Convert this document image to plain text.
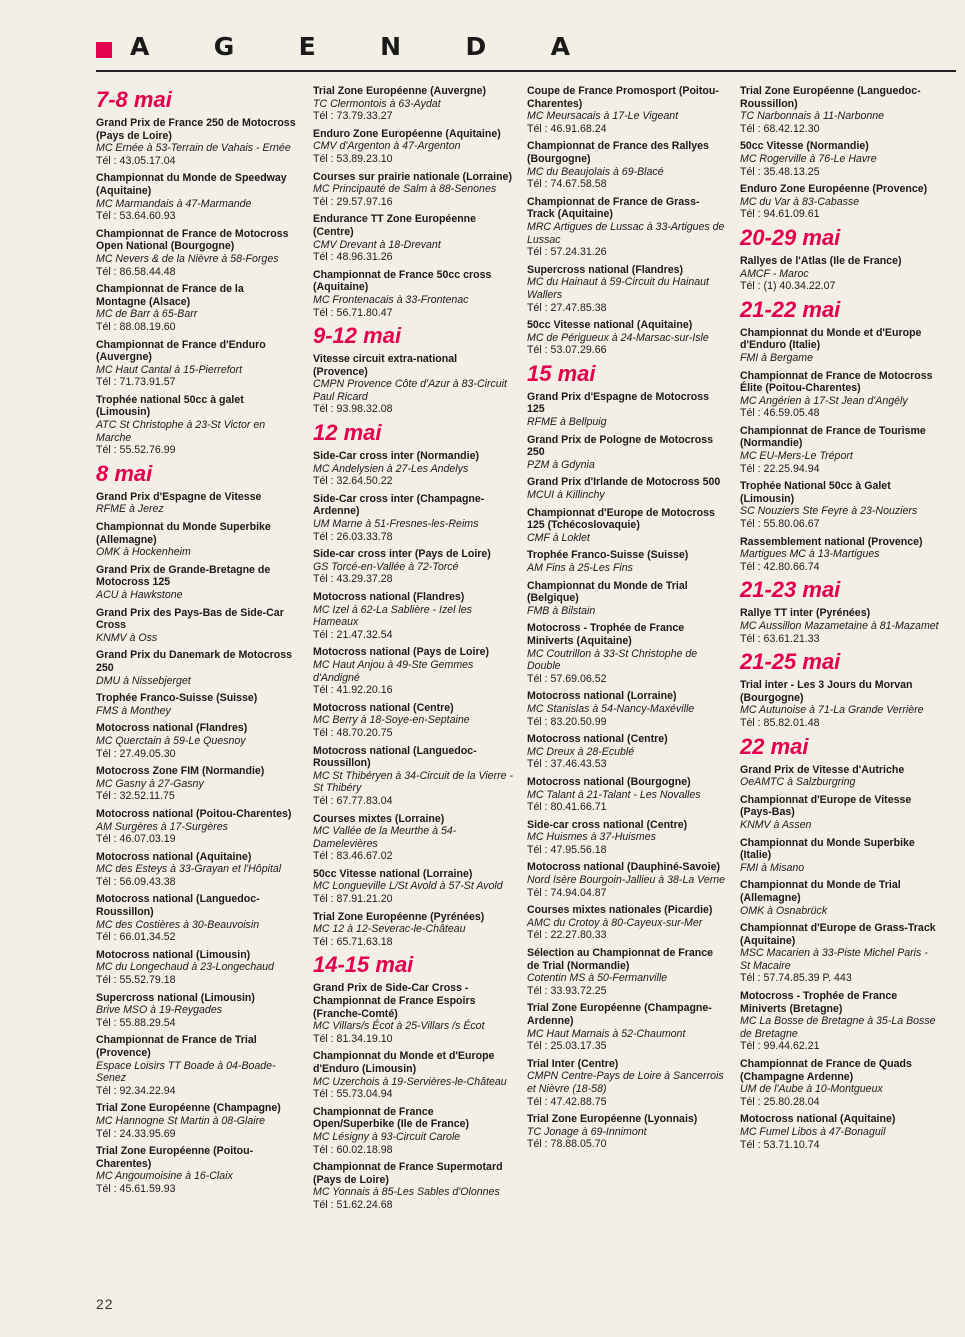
A	G	E	N	D	A
7-8 mai
Grand Prix de France 250 de Motocross (Pays de Loire)
MC Ernée à 53-Terrain de Vahais - Ernée
Tél : 43.05.17.04
Championnat du Monde de Speedway (Aquitaine)
MC Marmandais à 47-Marmande
Tél : 53.64.60.93
Championnat de France de Motocross Open National (Bourgogne)
MC Nevers & de la Nièvre à 58-Forges
Tél : 86.58.44.48
Championnat de France de la Montagne (Alsace)
MC de Barr à 65-Barr
Tél : 88.08.19.60
Championnat de France d'Enduro (Auvergne)
MC Haut Cantal à 15-Pierrefort
Tél : 71.73.91.57
Trophée national 50cc à galet (Limousin)
ATC St Christophe à 23-St Victor en Marche
Tél : 55.52.76.99
8 mai
Grand Prix d'Espagne de Vitesse
RFME à Jerez
Championnat du Monde Superbike (Allemagne)
OMK à Hockenheim
Grand Prix de Grande-Bretagne de Motocross 125
ACU à Hawkstone
Grand Prix des Pays-Bas de Side-Car Cross
KNMV à Oss
Grand Prix du Danemark de Motocross 250
DMU à Nissebjerget
Trophée Franco-Suisse (Suisse)
FMS à Monthey
Motocross national (Flandres)
MC Querctain à 59-Le Quesnoy
Tél : 27.49.05.30
Motocross Zone FIM (Normandie)
MC Gasny à 27-Gasny
Tél : 32.52.11.75
Motocross national (Poitou-Charentes)
AM Surgères à 17-Surgères
Tél : 46.07.03.19
Motocross national (Aquitaine)
MC des Esteys à 33-Grayan et l'Hôpital
Tél : 56.09.43.38
Motocross national (Languedoc-Roussillon)
MC des Costières à 30-Beauvoisin
Tél : 66.01.34.52
Motocross national (Limousin)
MC du Longechaud à 23-Longechaud
Tél : 55.52.79.18
Supercross national (Limousin)
Brive MSO à 19-Reygades
Tél : 55.88.29.54
Championnat de France de Trial (Provence)
Espace Loisirs TT Boade à 04-Boade-Senez
Tél : 92.34.22.94
Trial Zone Européenne (Champagne)
MC Hannogne St Martin à 08-Glaire
Tél : 24.33.95.69
Trial Zone Européenne (Poitou-Charentes)
MC Angoumoisine à 16-Claix
Tél : 45.61.59.93
Trial Zone Européenne (Auvergne)
TC Clermontois à 63-Aydat
Tél : 73.79.33.27
Enduro Zone Européenne (Aquitaine)
CMV d'Argenton à 47-Argenton
Tél : 53.89.23.10
Courses sur prairie nationale (Lorraine)
MC Principauté de Salm à 88-Senones
Tél : 29.57.97.16
Endurance TT Zone Européenne (Centre)
CMV Drevant à 18-Drevant
Tél : 48.96.31.26
Championnat de France 50cc cross (Aquitaine)
MC Frontenacais à 33-Frontenac
Tél : 56.71.80.47
9-12 mai
Vitesse circuit extra-national (Provence)
CMPN Provence Côte d'Azur à 83-Circuit Paul Ricard
Tél : 93.98.32.08
12 mai
Side-Car cross inter (Normandie)
MC Andelysien à 27-Les Andelys
Tél : 32.64.50.22
Side-Car cross inter (Champagne-Ardenne)
UM Marne à 51-Fresnes-les-Reims
Tél : 26.03.33.78
Side-car cross inter (Pays de Loire)
GS Torcé-en-Vallée à 72-Torcé
Tél : 43.29.37.28
Motocross national (Flandres)
MC Izel à 62-La Sablière - Izel les Hameaux
Tél : 21.47.32.54
Motocross national (Pays de Loire)
MC Haut Anjou à 49-Ste Gemmes d'Andigné
Tél : 41.92.20.16
Motocross national (Centre)
MC Berry à 18-Soye-en-Septaine
Tél : 48.70.20.75
Motocross national (Languedoc-Roussillon)
MC St Thibéryen à 34-Circuit de la Vierre -St Thibéry
Tél : 67.77.83.04
Courses mixtes (Lorraine)
MC Vallée de la Meurthe à 54-Damelevières
Tél : 83.46.67.02
50cc Vitesse national (Lorraine)
MC Longueville L/St Avold à 57-St Avold
Tél : 87.91.21.20
Trial Zone Européenne (Pyrénées)
MC 12 à 12-Severac-le-Château
Tél : 65.71.63.18
14-15 mai
Grand Prix de Side-Car Cross - Championnat de France Espoirs (Franche-Comté)
MC Villars/s Écot à 25-Villars /s Écot
Tél : 81.34.19.10
Championnat du Monde et d'Europe d'Enduro (Limousin)
MC Uzerchois à 19-Servières-le-Château
Tél : 55.73.04.94
Championnat de France Open/Superbike (Ile de France)
MC Lésigny à 93-Circuit Carole
Tél : 60.02.18.98
Championnat de France Supermotard (Pays de Loire)
MC Yonnais à 85-Les Sables d'Olonnes
Tél : 51.62.24.68
Coupe de France Promosport (Poitou-Charentes)
MC Meursacais à 17-Le Vigeant
Tél : 46.91.68.24
Championnat de France des Rallyes (Bourgogne)
MC du Beaujolais à 69-Blacé
Tél : 74.67.58.58
Championnat de France de Grass-Track (Aquitaine)
MRC Artigues de Lussac à 33-Artigues de Lussac
Tél : 57.24.31.26
Supercross national (Flandres)
MC du Hainaut à 59-Circuit du Hainaut Wallers
Tél : 27.47.85.38
50cc Vitesse national (Aquitaine)
MC de Périgueux à 24-Marsac-sur-Isle
Tél : 53.07.29.66
15 mai
Grand Prix d'Espagne de Motocross 125
RFME à Bellpuig
Grand Prix de Pologne de Motocross 250
PZM à Gdynia
Grand Prix d'Irlande de Motocross 500
MCUI à Killinchy
Championnat d'Europe de Motocross 125 (Tchécoslovaquie)
CMF à Loklet
Trophée Franco-Suisse (Suisse)
AM Fins à 25-Les Fins
Championnat du Monde de Trial (Belgique)
FMB à Bilstain
Motocross - Trophée de France Miniverts (Aquitaine)
MC Coutrillon à 33-St Christophe de Double
Tél : 57.69.06.52
Motocross national (Lorraine)
MC Stanislas à 54-Nancy-Maxéville
Tél : 83.20.50.99
Motocross national (Centre)
MC Dreux à 28-Ecublé
Tél : 37.46.43.53
Motocross national (Bourgogne)
MC Talant à 21-Talant - Les Novalles
Tél : 80.41.66.71
Side-car cross national (Centre)
MC Huismes à 37-Huismes
Tél : 47.95.56.18
Motocross national (Dauphiné-Savoie)
Nord Isère Bourgoin-Jallieu à 38-La Verne
Tél : 74.94.04.87
Courses mixtes nationales (Picardie)
AMC du Crotoy à 80-Cayeux-sur-Mer
Tél : 22.27.80.33
Sélection au Championnat de France de Trial (Normandie)
Cotentin MS à 50-Fermanville
Tél : 33.93.72.25
Trial Zone Européenne (Champagne-Ardenne)
MC Haut Marnais à 52-Chaumont
Tél : 25.03.17.35
Trial Inter (Centre)
CMPN Centre-Pays de Loire à Sancerrois et Nièvre (18-58)
Tél : 47.42.88.75
Trial Zone Européenne (Lyonnais)
TC Jonage à 69-Innimont
Tél : 78.88.05.70
Trial Zone Européenne (Languedoc-Roussillon)
TC Narbonnais à 11-Narbonne
Tél : 68.42.12.30
50cc Vitesse (Normandie)
MC Rogerville à 76-Le Havre
Tél : 35.48.13.25
Enduro Zone Européenne (Provence)
MC du Var à 83-Cabasse
Tél : 94.61.09.61
20-29 mai
Rallyes de l'Atlas (Ile de France)
AMCF - Maroc
Tél : (1) 40.34.22.07
21-22 mai
Championnat du Monde et d'Europe d'Enduro (Italie)
FMI à Bergame
Championnat de France de Motocross Élite (Poitou-Charentes)
MC Angérien à 17-St Jean d'Angély
Tél : 46.59.05.48
Championnat de France de Tourisme (Normandie)
MC EU-Mers-Le Tréport
Tél : 22.25.94.94
Trophée National 50cc à Galet (Limousin)
SC Nouziers Ste Feyre à 23-Nouziers
Tél : 55.80.06.67
Rassemblement national (Provence)
Martigues MC à 13-Martigues
Tél : 42.80.66.74
21-23 mai
Rallye TT inter (Pyrénées)
MC Aussillon Mazametaine à 81-Mazamet
Tél : 63.61.21.33
21-25 mai
Trial inter - Les 3 Jours du Morvan (Bourgogne)
MC Autunoise à 71-La Grande Verrière
Tél : 85.82.01.48
22 mai
Grand Prix de Vitesse d'Autriche
OeAMTC à Salzburgring
Championnat d'Europe de Vitesse (Pays-Bas)
KNMV à Assen
Championnat du Monde Superbike (Italie)
FMI à Misano
Championnat du Monde de Trial (Allemagne)
OMK à Osnabrück
Championnat d'Europe de Grass-Track (Aquitaine)
MSC Macarien à 33-Piste Michel Paris - St Macaire
Tél : 57.74.85.39 P. 443
Motocross - Trophée de France Miniverts (Bretagne)
MC La Bosse de Bretagne à 35-La Bosse de Bretagne
Tél : 99.44.62.21
Championnat de France de Quads (Champagne Ardenne)
UM de l'Aube à 10-Montgueux
Tél : 25.80.28.04
Motocross national (Aquitaine)
MC Fumel Libos à 47-Bonaguil
Tél : 53.71.10.74
22
